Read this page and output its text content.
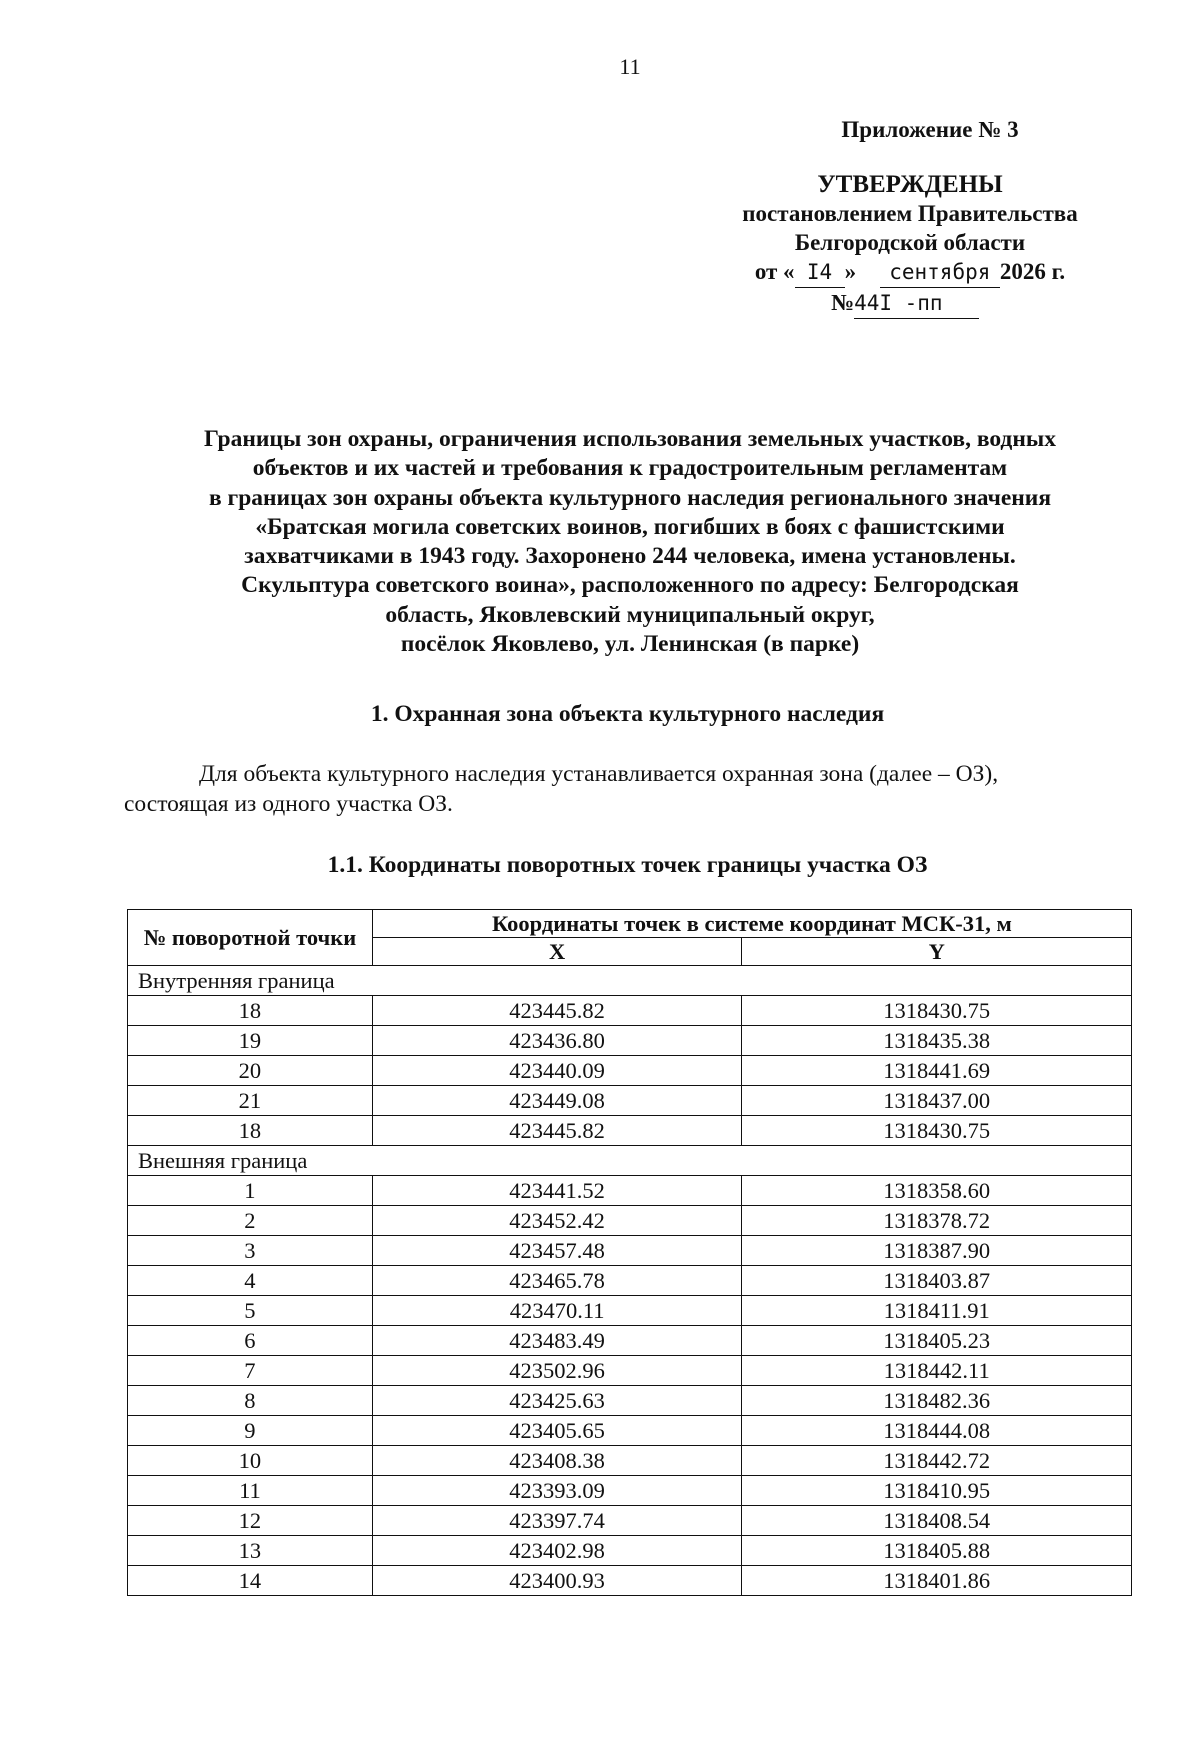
11
Приложение № 3
УТВЕРЖДЕНЫ
постановлением Правительства
Белгородской области
от « I4 » сентября 2026 г.
№44I -пп
Границы зон охраны, ограничения использования земельных участков, водных
объектов и их частей и требования к градостроительным регламентам
в границах зон охраны объекта культурного наследия регионального значения
«Братская могила советских воинов, погибших в боях с фашистскими
захватчиками в 1943 году. Захоронено 244 человека, имена установлены.
Скульптура советского воина», расположенного по адресу: Белгородская
область, Яковлевский муниципальный округ,
посёлок Яковлево, ул. Ленинская (в парке)
1. Охранная зона объекта культурного наследия
Для объекта культурного наследия устанавливается охранная зона (далее – ОЗ),
состоящая из одного участка ОЗ.
1.1. Координаты поворотных точек границы участка ОЗ
№ поворотной точки	Координаты точек в системе координат МСК-31, м	
	X	Y
Внутренняя граница		
18	423445.82	1318430.75
19	423436.80	1318435.38
20	423440.09	1318441.69
21	423449.08	1318437.00
18	423445.82	1318430.75
Внешняя граница		
1	423441.52	1318358.60
2	423452.42	1318378.72
3	423457.48	1318387.90
4	423465.78	1318403.87
5	423470.11	1318411.91
6	423483.49	1318405.23
7	423502.96	1318442.11
8	423425.63	1318482.36
9	423405.65	1318444.08
10	423408.38	1318442.72
11	423393.09	1318410.95
12	423397.74	1318408.54
13	423402.98	1318405.88
14	423400.93	1318401.86
